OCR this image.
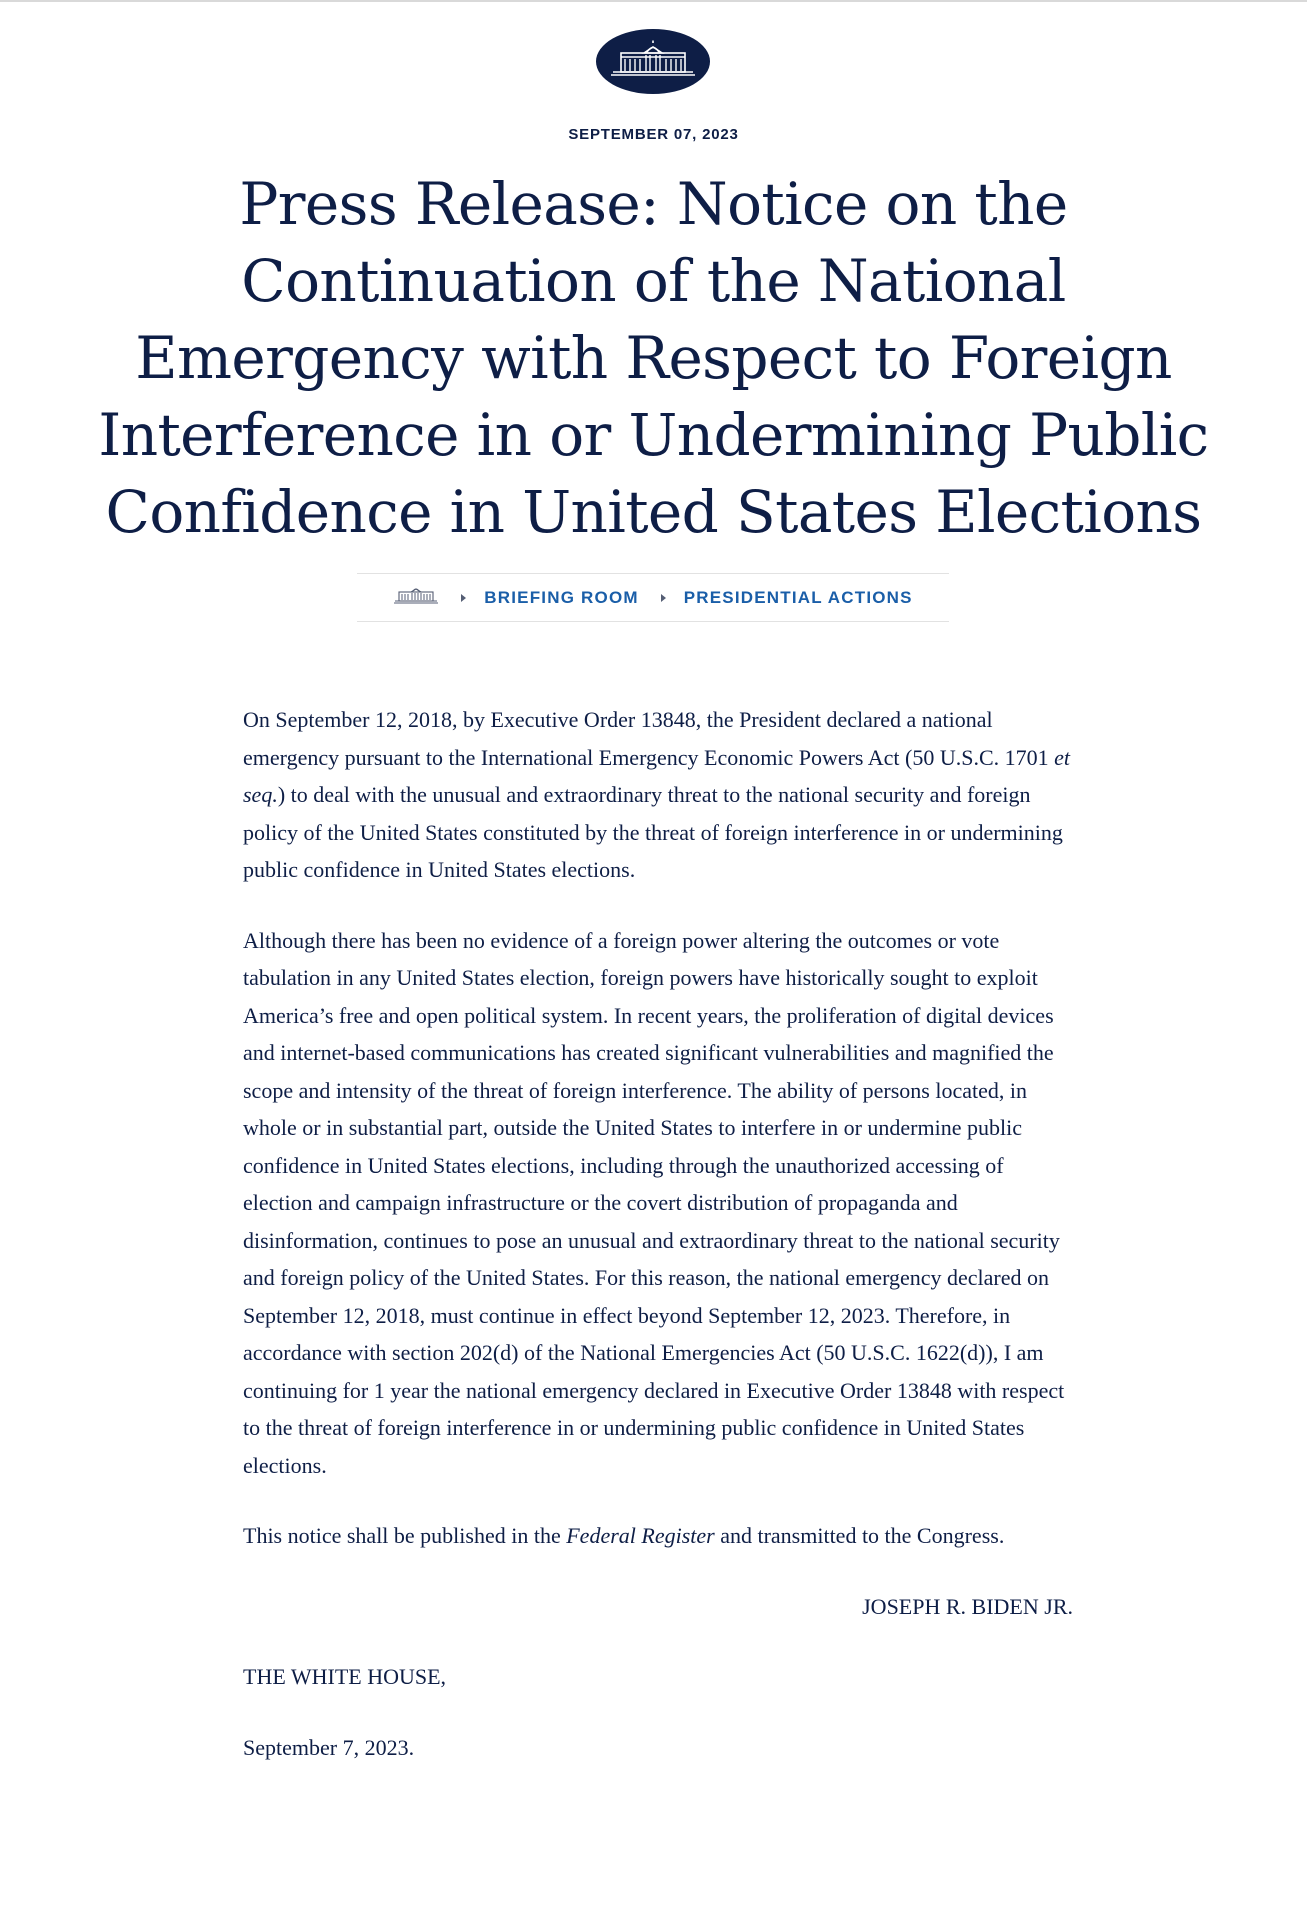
SEPTEMBER 07, 2023
Press Release: Notice on the Continuation of the National Emergency with Respect to Foreign Interference in or Undermining Public Confidence in United States Elections
BRIEFING ROOM	PRESIDENTIAL ACTIONS

On September 12, 2018, by Executive Order 13848, the President declared a national emergency pursuant to the International Emergency Economic Powers Act (50 U.S.C. 1701 et seq.) to deal with the unusual and extraordinary threat to the national security and foreign policy of the United States constituted by the threat of foreign interference in or undermining public confidence in United States elections.

Although there has been no evidence of a foreign power altering the outcomes or vote tabulation in any United States election, foreign powers have historically sought to exploit America’s free and open political system. In recent years, the proliferation of digital devices and internet-based communications has created significant vulnerabilities and magnified the scope and intensity of the threat of foreign interference. The ability of persons located, in whole or in substantial part, outside the United States to interfere in or undermine public confidence in United States elections, including through the unauthorized accessing of election and campaign infrastructure or the covert distribution of propaganda and disinformation, continues to pose an unusual and extraordinary threat to the national security and foreign policy of the United States. For this reason, the national emergency declared on September 12, 2018, must continue in effect beyond September 12, 2023. Therefore, in accordance with section 202(d) of the National Emergencies Act (50 U.S.C. 1622(d)), I am continuing for 1 year the national emergency declared in Executive Order 13848 with respect to the threat of foreign interference in or undermining public confidence in United States elections.

This notice shall be published in the Federal Register and transmitted to the Congress.

JOSEPH R. BIDEN JR.

THE WHITE HOUSE,

September 7, 2023.
